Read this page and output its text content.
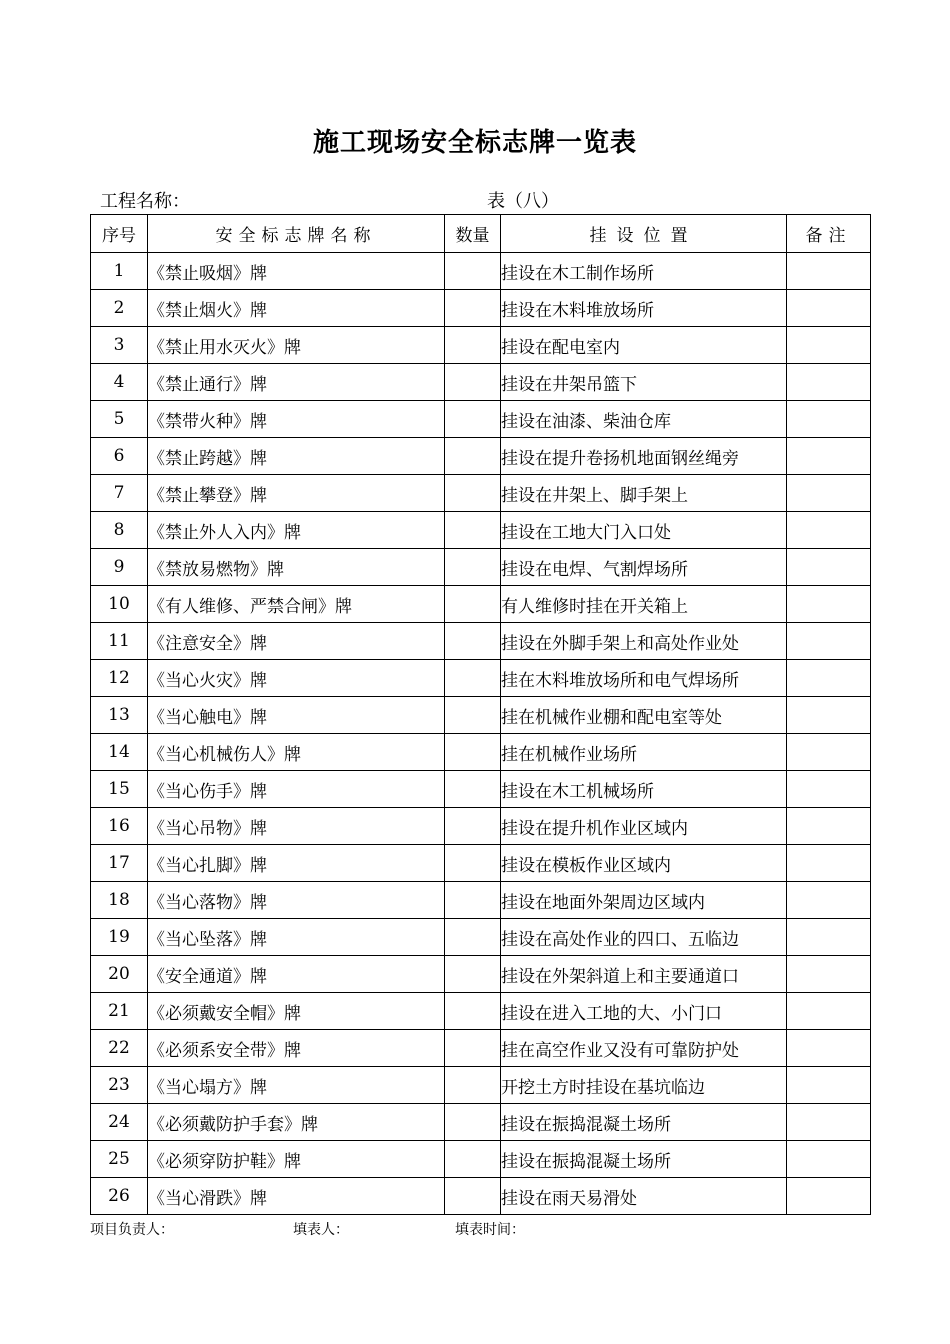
施工现场安全标志牌一览表
工程名称：	表（八）
序号	安全标志牌名称	数量	挂设位置	备注
1	《禁止吸烟》牌		挂设在木工制作场所	
2	《禁止烟火》牌		挂设在木料堆放场所	
3	《禁止用水灭火》牌		挂设在配电室内	
4	《禁止通行》牌		挂设在井架吊篮下	
5	《禁带火种》牌		挂设在油漆、柴油仓库	
6	《禁止跨越》牌		挂设在提升卷扬机地面钢丝绳旁	
7	《禁止攀登》牌		挂设在井架上、脚手架上	
8	《禁止外人入内》牌		挂设在工地大门入口处	
9	《禁放易燃物》牌		挂设在电焊、气割焊场所	
10	《有人维修、严禁合闸》牌		有人维修时挂在开关箱上	
11	《注意安全》牌		挂设在外脚手架上和高处作业处	
12	《当心火灾》牌		挂在木料堆放场所和电气焊场所	
13	《当心触电》牌		挂在机械作业棚和配电室等处	
14	《当心机械伤人》牌		挂在机械作业场所	
15	《当心伤手》牌		挂设在木工机械场所	
16	《当心吊物》牌		挂设在提升机作业区域内	
17	《当心扎脚》牌		挂设在模板作业区域内	
18	《当心落物》牌		挂设在地面外架周边区域内	
19	《当心坠落》牌		挂设在高处作业的四口、五临边	
20	《安全通道》牌		挂设在外架斜道上和主要通道口	
21	《必须戴安全帽》牌		挂设在进入工地的大、小门口	
22	《必须系安全带》牌		挂在高空作业又没有可靠防护处	
23	《当心塌方》牌		开挖土方时挂设在基坑临边	
24	《必须戴防护手套》牌		挂设在振捣混凝土场所	
25	《必须穿防护鞋》牌		挂设在振捣混凝土场所	
26	《当心滑跌》牌		挂设在雨天易滑处	
项目负责人：	填表人：	填表时间：
